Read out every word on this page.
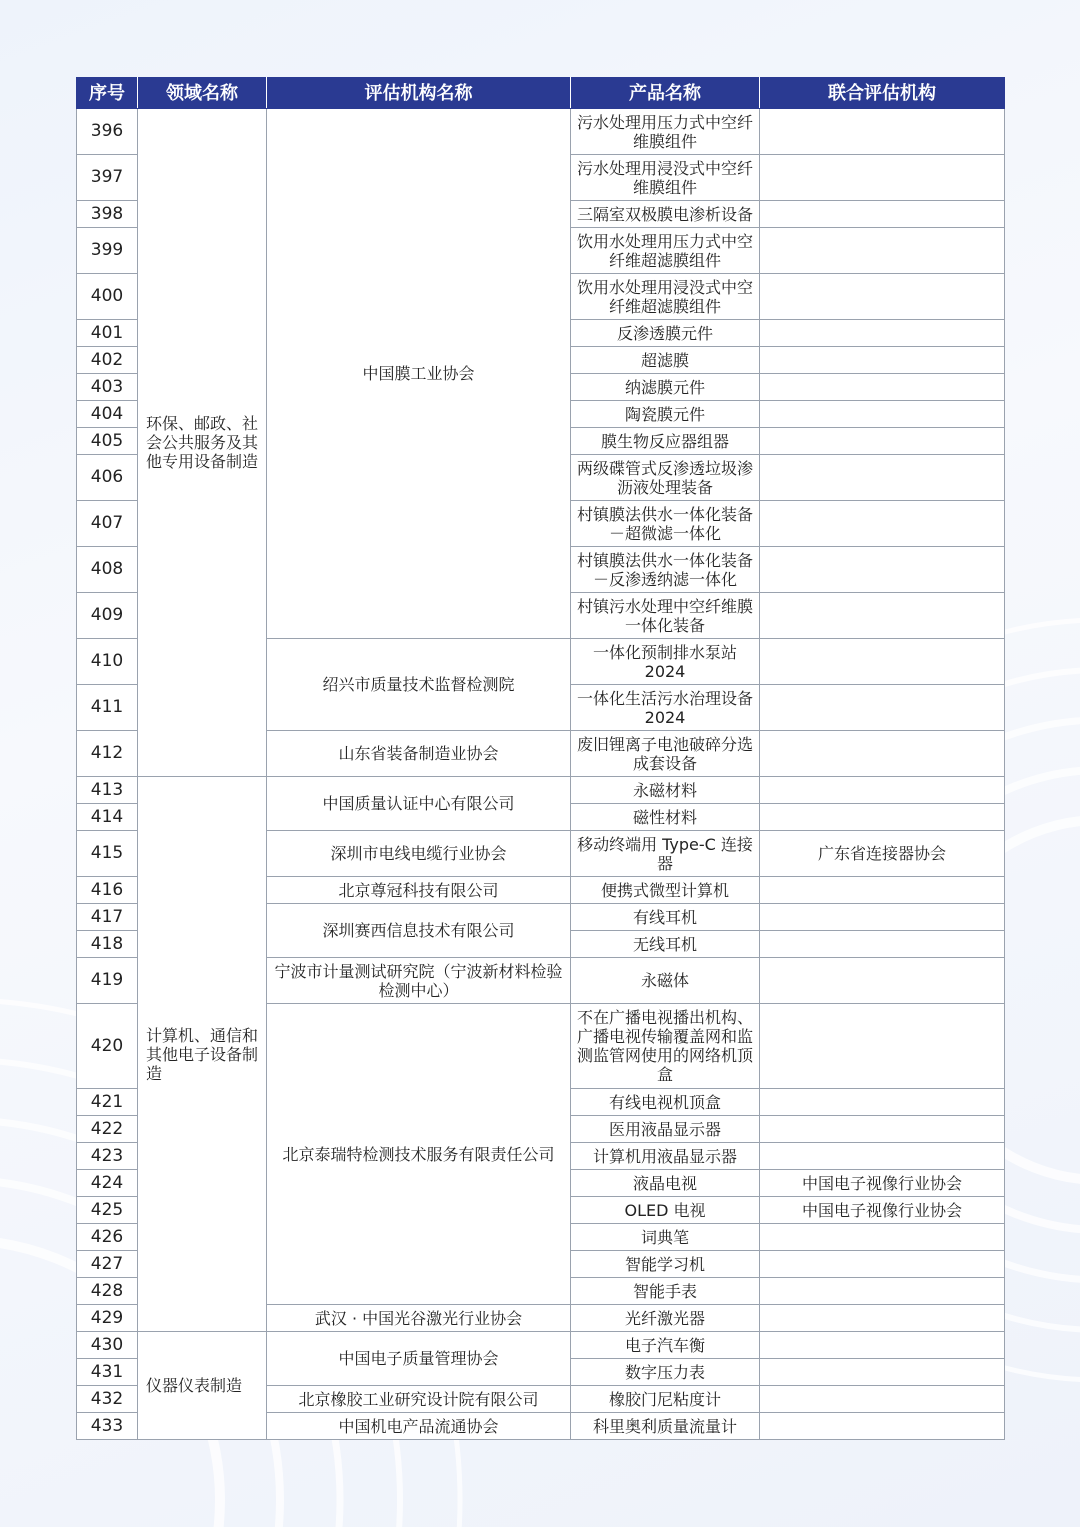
序号	领域名称	评估机构名称	产品名称	联合评估机构
396	环保、邮政、社会公共服务及其他专用设备制造	中国膜工业协会	污水处理用压力式中空纤维膜组件	
397			污水处理用浸没式中空纤维膜组件	
398			三隔室双极膜电渗析设备	
399			饮用水处理用压力式中空纤维超滤膜组件	
400			饮用水处理用浸没式中空纤维超滤膜组件	
401			反渗透膜元件	
402			超滤膜	
403			纳滤膜元件	
404			陶瓷膜元件	
405			膜生物反应器组器	
406			两级碟管式反渗透垃圾渗沥液处理装备	
407			村镇膜法供水一体化装备－超微滤一体化	
408			村镇膜法供水一体化装备－反渗透纳滤一体化	
409			村镇污水处理中空纤维膜一体化装备	
410		绍兴市质量技术监督检测院	一体化预制排水泵站 2024	
411			一体化生活污水治理设备 2024	
412		山东省装备制造业协会	废旧锂离子电池破碎分选成套设备	
413	计算机、通信和其他电子设备制造	中国质量认证中心有限公司	永磁材料	
414			磁性材料	
415		深圳市电线电缆行业协会	移动终端用 Type-C 连接器	广东省连接器协会
416		北京尊冠科技有限公司	便携式微型计算机	
417		深圳赛西信息技术有限公司	有线耳机	
418			无线耳机	
419		宁波市计量测试研究院（宁波新材料检验检测中心）	永磁体	
420		北京泰瑞特检测技术服务有限责任公司	不在广播电视播出机构、广播电视传输覆盖网和监测监管网使用的网络机顶盒	
421			有线电视机顶盒	
422			医用液晶显示器	
423			计算机用液晶显示器	
424			液晶电视	中国电子视像行业协会
425			OLED 电视	中国电子视像行业协会
426			词典笔	
427			智能学习机	
428			智能手表	
429		武汉 · 中国光谷激光行业协会	光纤激光器	
430	仪器仪表制造	中国电子质量管理协会	电子汽车衡	
431			数字压力表	
432		北京橡胶工业研究设计院有限公司	橡胶门尼粘度计	
433		中国机电产品流通协会	科里奥利质量流量计	
